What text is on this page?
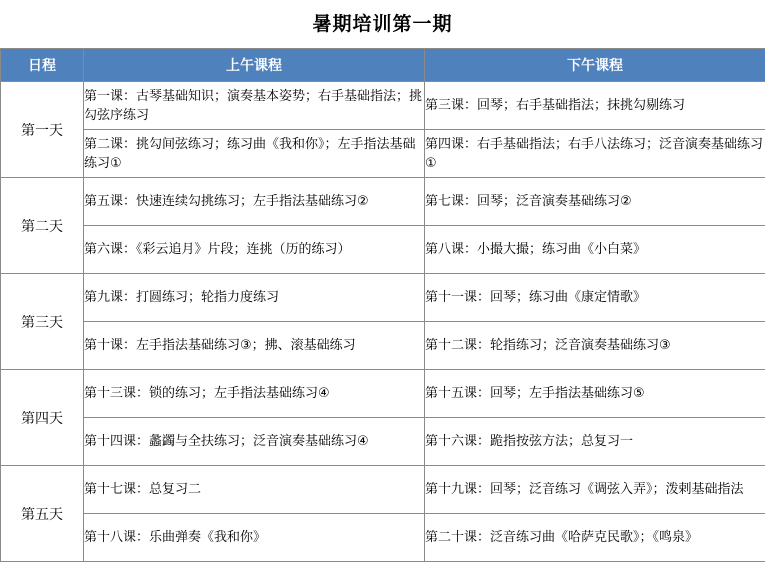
暑期培训第一期
日程	上午课程	下午课程
第一天	第一课：古琴基础知识；演奏基本姿势；右手基础指法；挑勾弦序练习	第三课：回琴；右手基础指法；抹挑勾剔练习
	第二课：挑勾间弦练习；练习曲《我和你》；左手指法基础练习①	第四课：右手基础指法；右手八法练习；泛音演奏基础练习①
第二天	第五课：快速连续勾挑练习；左手指法基础练习②	第七课：回琴；泛音演奏基础练习②
	第六课：《彩云追月》片段；连挑（历的练习）	第八课：小撮大撮；练习曲《小白菜》
第三天	第九课：打圆练习；轮指力度练习	第十一课：回琴；练习曲《康定情歌》
	第十课：左手指法基础练习③；拂、滚基础练习	第十二课：轮指练习；泛音演奏基础练习③
第四天	第十三课：锁的练习；左手指法基础练习④	第十五课：回琴；左手指法基础练习⑤
	第十四课：蠡蠲与全扶练习；泛音演奏基础练习④	第十六课：跪指按弦方法；总复习一
第五天	第十七课：总复习二	第十九课：回琴；泛音练习《调弦入弄》；泼剌基础指法
	第十八课：乐曲弹奏《我和你》	第二十课：泛音练习曲《哈萨克民歌》；《鸣泉》
